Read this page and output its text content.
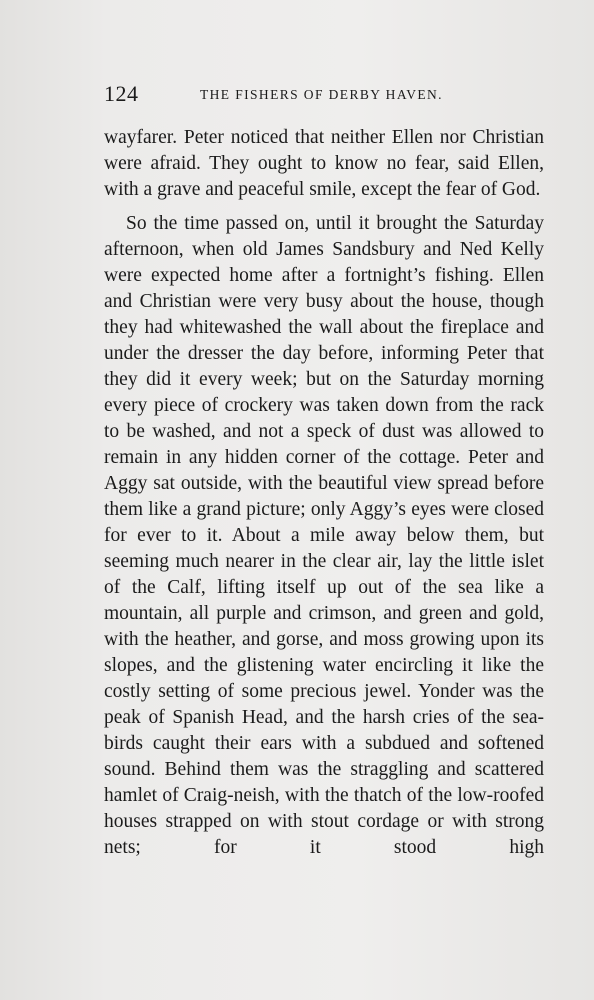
124	THE FISHERS OF DERBY HAVEN.

wayfarer. Peter noticed that neither Ellen nor Christian were afraid. They ought to know no fear, said Ellen, with a grave and peaceful smile, except the fear of God.

So the time passed on, until it brought the Saturday afternoon, when old James Sandsbury and Ned Kelly were expected home after a fortnight’s fishing. Ellen and Christian were very busy about the house, though they had whitewashed the wall about the fireplace and under the dresser the day before, informing Peter that they did it every week; but on the Saturday morning every piece of crockery was taken down from the rack to be washed, and not a speck of dust was allowed to remain in any hidden corner of the cottage. Peter and Aggy sat outside, with the beautiful view spread before them like a grand picture; only Aggy’s eyes were closed for ever to it. About a mile away below them, but seeming much nearer in the clear air, lay the little islet of the Calf, lifting itself up out of the sea like a mountain, all purple and crimson, and green and gold, with the heather, and gorse, and moss growing upon its slopes, and the glistening water encircling it like the costly setting of some precious jewel. Yonder was the peak of Spanish Head, and the harsh cries of the sea-birds caught their ears with a subdued and softened sound. Behind them was the straggling and scattered hamlet of Craig-neish, with the thatch of the low-roofed houses strapped on with stout cordage or with strong nets; for it stood high
